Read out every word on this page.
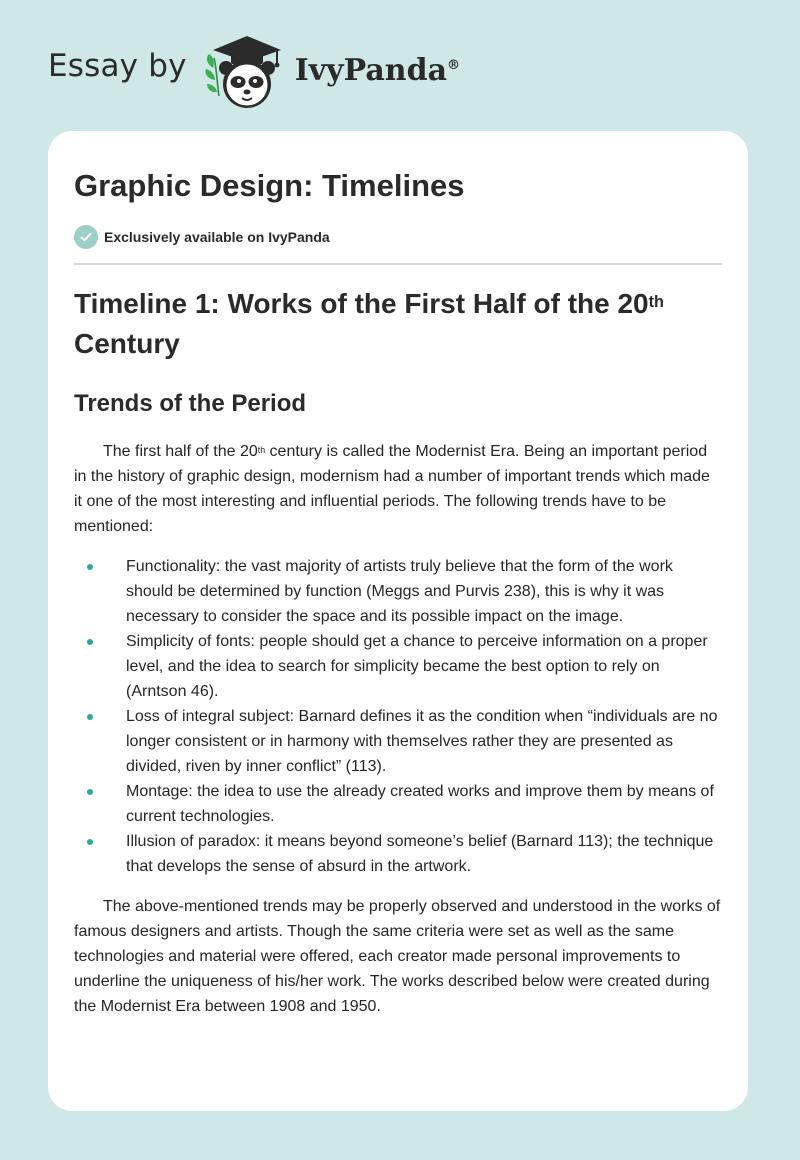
Essay by	IvyPanda®
Graphic Design: Timelines
Exclusively available on IvyPanda
Timeline 1: Works of the First Half of the 20th
Century
Trends of the Period

The first half of the 20th century is called the Modernist Era. Being an important period in the history of graphic design, modernism had a number of important trends which made it one of the most interesting and influential periods. The following trends have to be mentioned:

Functionality: the vast majority of artists truly believe that the form of the work should be determined by function (Meggs and Purvis 238), this is why it was necessary to consider the space and its possible impact on the image.
Simplicity of fonts: people should get a chance to perceive information on a proper level, and the idea to search for simplicity became the best option to rely on (Arntson 46).
Loss of integral subject: Barnard defines it as the condition when “individuals are no longer consistent or in harmony with themselves rather they are presented as divided, riven by inner conflict” (113).
Montage: the idea to use the already created works and improve them by means of current technologies.
Illusion of paradox: it means beyond someone’s belief (Barnard 113); the technique that develops the sense of absurd in the artwork.

The above-mentioned trends may be properly observed and understood in the works of famous designers and artists. Though the same criteria were set as well as the same technologies and material were offered, each creator made personal improvements to underline the uniqueness of his/her work. The works described below were created during the Modernist Era between 1908 and 1950.
